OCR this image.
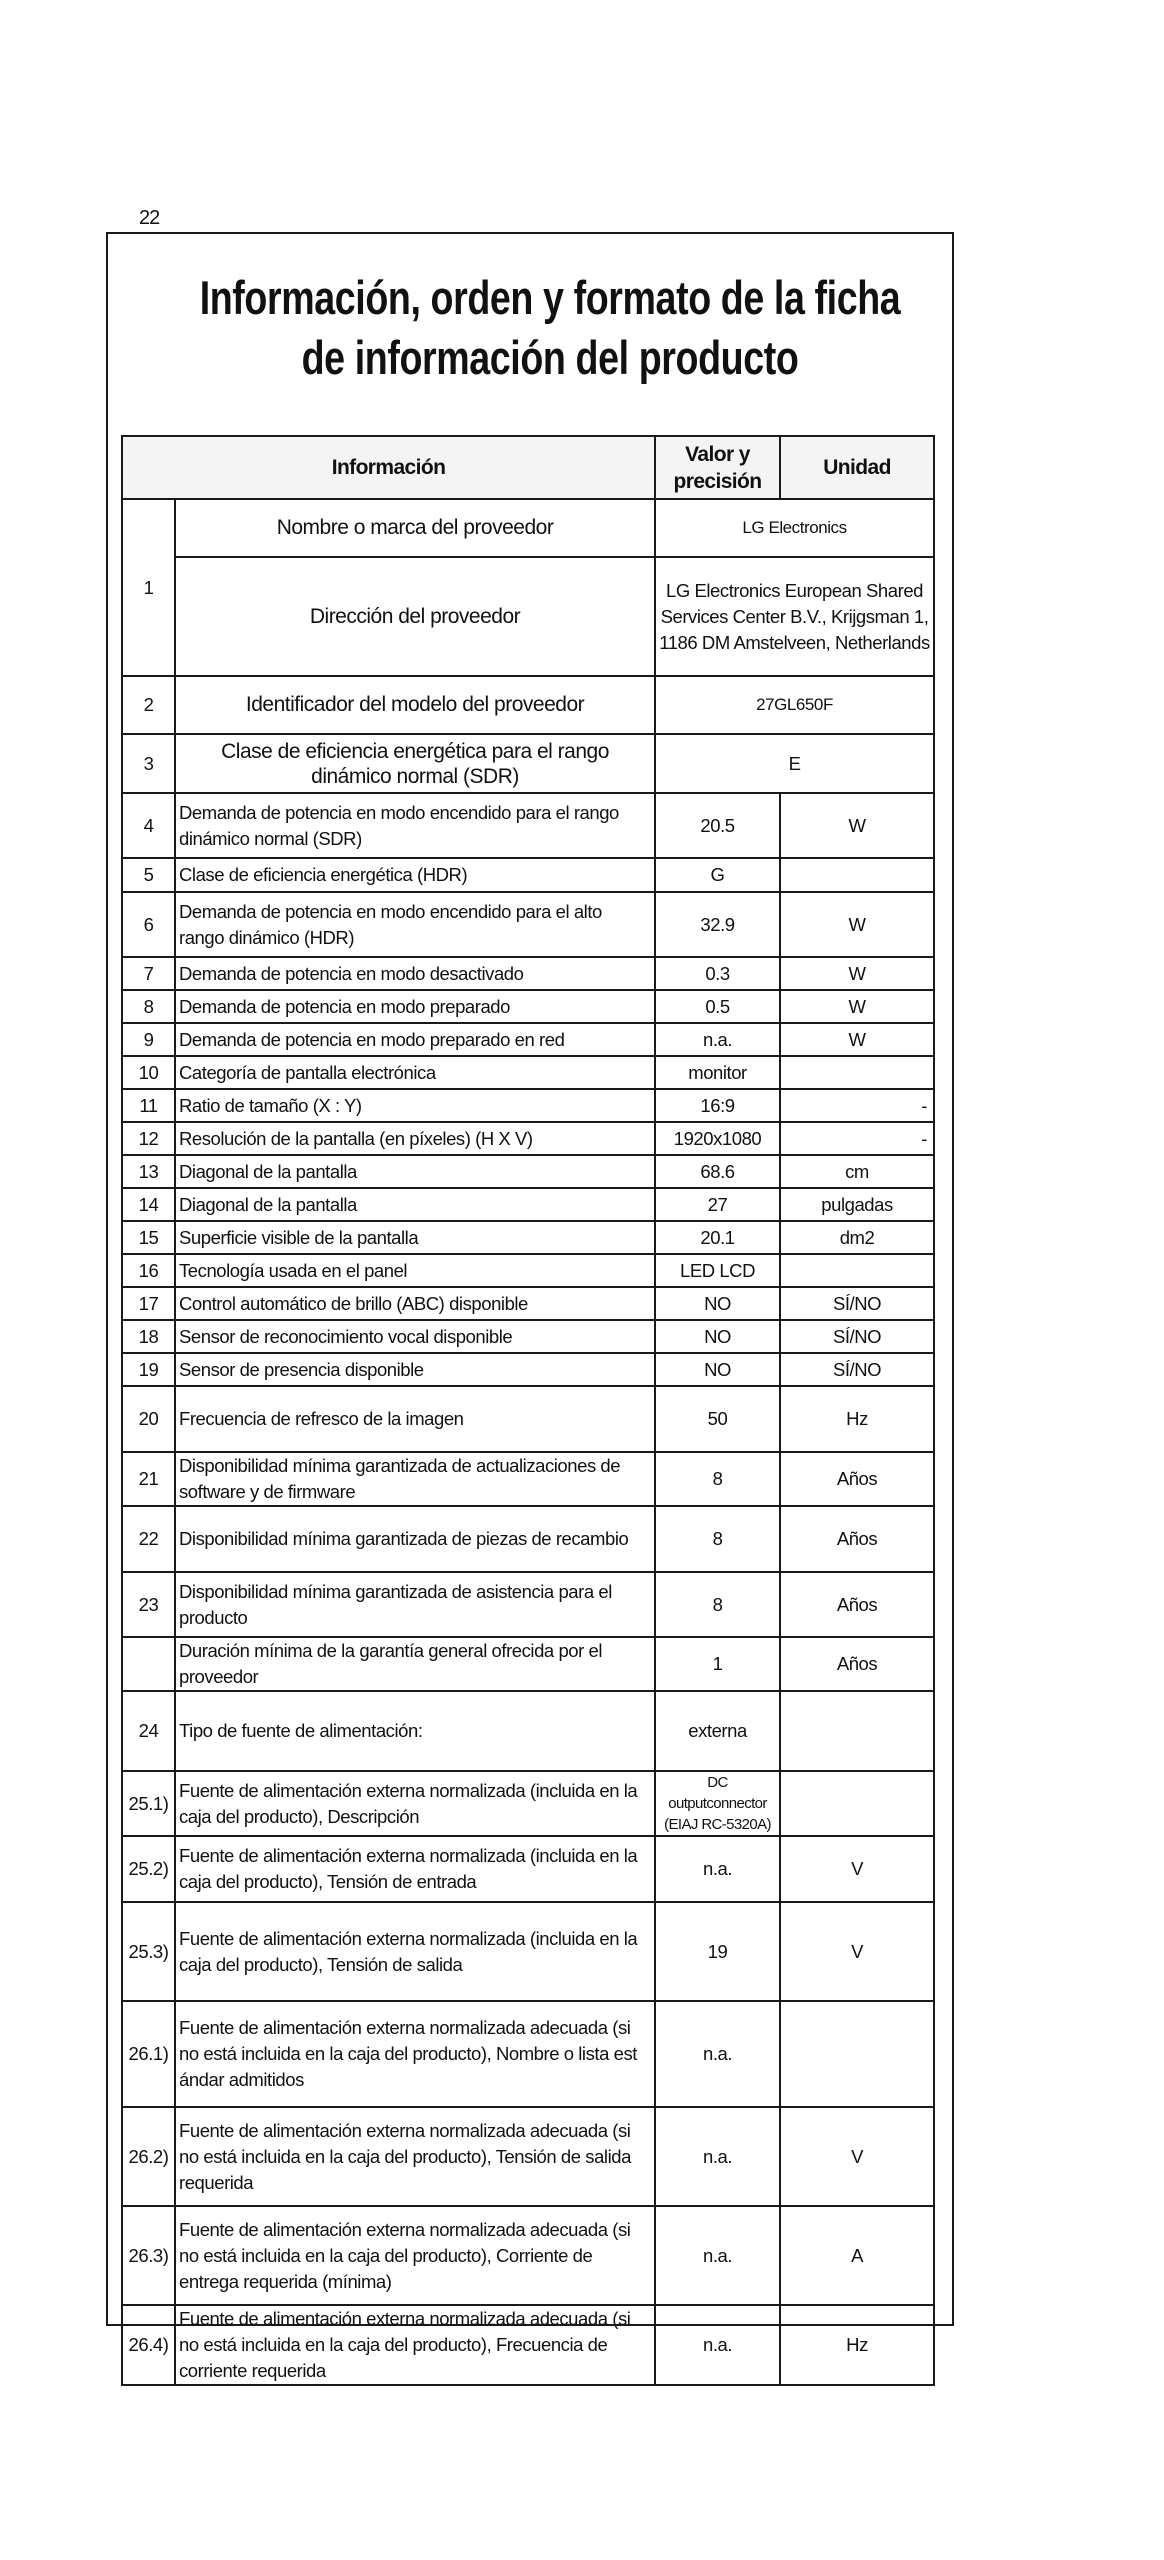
22
Información, orden y formato de la ficha
de información del producto
Información		Valor y precisión	Unidad
1	Nombre o marca del proveedor	LG Electronics	
	Dirección del proveedor	LG Electronics European Shared Services Center B.V., Krijgsman 1, 1186 DM Amstelveen, Netherlands	
2	Identificador del modelo del proveedor	27GL650F	
3	Clase de eficiencia energética para el rango dinámico normal (SDR)	E	
4	Demanda de potencia en modo encendido para el rango dinámico normal (SDR)	20.5	W
5	Clase de eficiencia energética (HDR)	G	
6	Demanda de potencia en modo encendido para el alto rango dinámico (HDR)	32.9	W
7	Demanda de potencia en modo desactivado	0.3	W
8	Demanda de potencia en modo preparado	0.5	W
9	Demanda de potencia en modo preparado en red	n.a.	W
10	Categoría de pantalla electrónica	monitor	
11	Ratio de tamaño (X : Y)	16:9	-
12	Resolución de la pantalla (en píxeles) (H X V)	1920x1080	-
13	Diagonal de la pantalla	68.6	cm
14	Diagonal de la pantalla	27	pulgadas
15	Superficie visible de la pantalla	20.1	dm2
16	Tecnología usada en el panel	LED LCD	
17	Control automático de brillo (ABC) disponible	NO	SÍ/NO
18	Sensor de reconocimiento vocal disponible	NO	SÍ/NO
19	Sensor de presencia disponible	NO	SÍ/NO
20	Frecuencia de refresco de la imagen	50	Hz
21	Disponibilidad mínima garantizada de actualizaciones de software y de firmware	8	Años
22	Disponibilidad mínima garantizada de piezas de recambio	8	Años
23	Disponibilidad mínima garantizada de asistencia para el producto	8	Años
	Duración mínima de la garantía general ofrecida por el proveedor	1	Años
24	Tipo de fuente de alimentación:	externa	
25.1)	Fuente de alimentación externa normalizada (incluida en la caja del producto), Descripción	DC outputconnector (EIAJ RC-5320A)	
25.2)	Fuente de alimentación externa normalizada (incluida en la caja del producto), Tensión de entrada	n.a.	V
25.3)	Fuente de alimentación externa normalizada (incluida en la caja del producto), Tensión de salida	19	V
26.1)	Fuente de alimentación externa normalizada adecuada (si no está incluida en la caja del producto), Nombre o lista est ándar admitidos	n.a.	
26.2)	Fuente de alimentación externa normalizada adecuada (si no está incluida en la caja del producto), Tensión de salida requerida	n.a.	V
26.3)	Fuente de alimentación externa normalizada adecuada (si no está incluida en la caja del producto), Corriente de entrega requerida (mínima)	n.a.	A
26.4)	Fuente de alimentación externa normalizada adecuada (si no está incluida en la caja del producto), Frecuencia de corriente requerida	n.a.	Hz
